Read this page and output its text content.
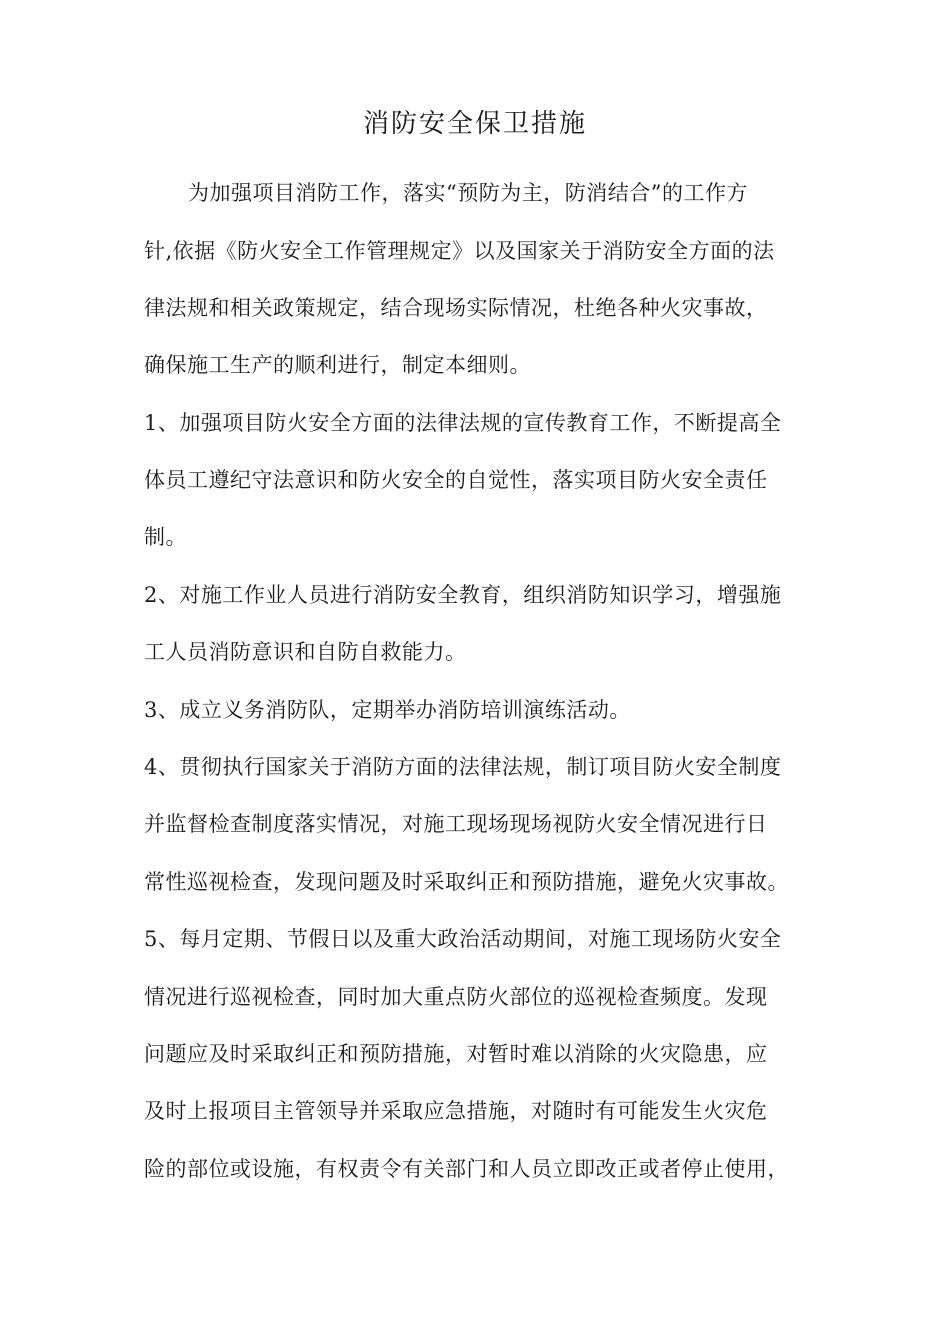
消防安全保卫措施
为加强项目消防工作，落实“预防为主，防消结合”的工作方
针,依据《防火安全工作管理规定》以及国家关于消防安全方面的法
律法规和相关政策规定，结合现场实际情况，杜绝各种火灾事故，
确保施工生产的顺利进行，制定本细则。
1、加强项目防火安全方面的法律法规的宣传教育工作，不断提高全
体员工遵纪守法意识和防火安全的自觉性，落实项目防火安全责任
制。
2、对施工作业人员进行消防安全教育，组织消防知识学习，增强施
工人员消防意识和自防自救能力。
3、成立义务消防队，定期举办消防培训演练活动。
4、贯彻执行国家关于消防方面的法律法规，制订项目防火安全制度
并监督检查制度落实情况，对施工现场现场视防火安全情况进行日
常性巡视检查，发现问题及时采取纠正和预防措施，避免火灾事故。
5、每月定期、节假日以及重大政治活动期间，对施工现场防火安全
情况进行巡视检查，同时加大重点防火部位的巡视检查频度。发现
问题应及时采取纠正和预防措施，对暂时难以消除的火灾隐患，应
及时上报项目主管领导并采取应急措施，对随时有可能发生火灾危
险的部位或设施，有权责令有关部门和人员立即改正或者停止使用，
